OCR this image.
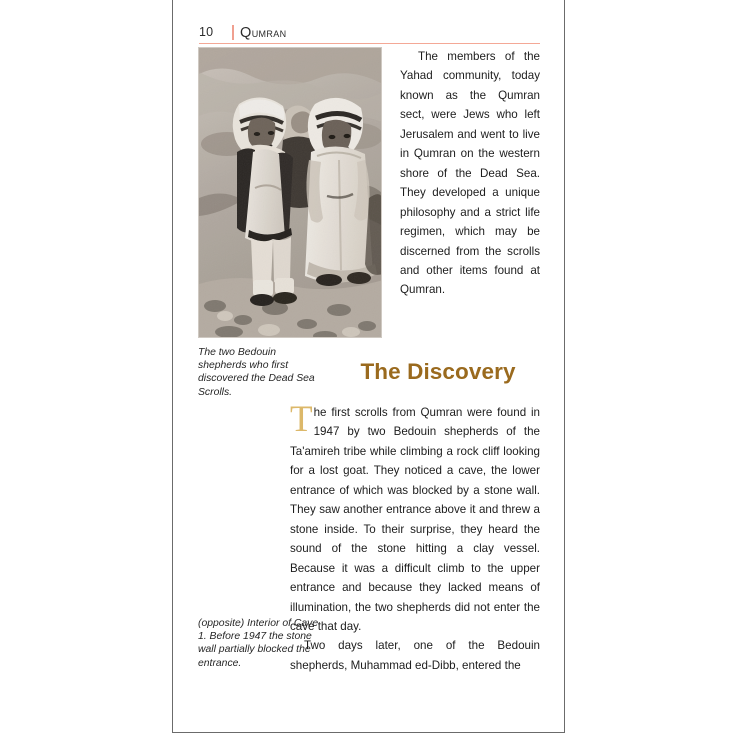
10 Qumran
The two Bedouin shepherds who first discovered the Dead Sea Scrolls.

The members of the Yahad community, today known as the Qumran sect, were Jews who left Jerusalem and went to live in Qumran on the western shore of the Dead Sea. They developed a unique philosophy and a strict life regimen, which may be discerned from the scrolls and other items found at Qumran.

The Discovery

The first scrolls from Qumran were found in 1947 by two Bedouin shepherds of the Ta'amireh tribe while climbing a rock cliff looking for a lost goat. They noticed a cave, the lower entrance of which was blocked by a stone wall. They saw another entrance above it and threw a stone inside. To their surprise, they heard the sound of the stone hitting a clay vessel. Because it was a difficult climb to the upper entrance and because they lacked means of illumination, the two shepherds did not enter the cave that day.

Two days later, one of the Bedouin shepherds, Muhammad ed-Dibb, entered the

(opposite) Interior of Cave 1. Before 1947 the stone wall partially blocked the entrance.
